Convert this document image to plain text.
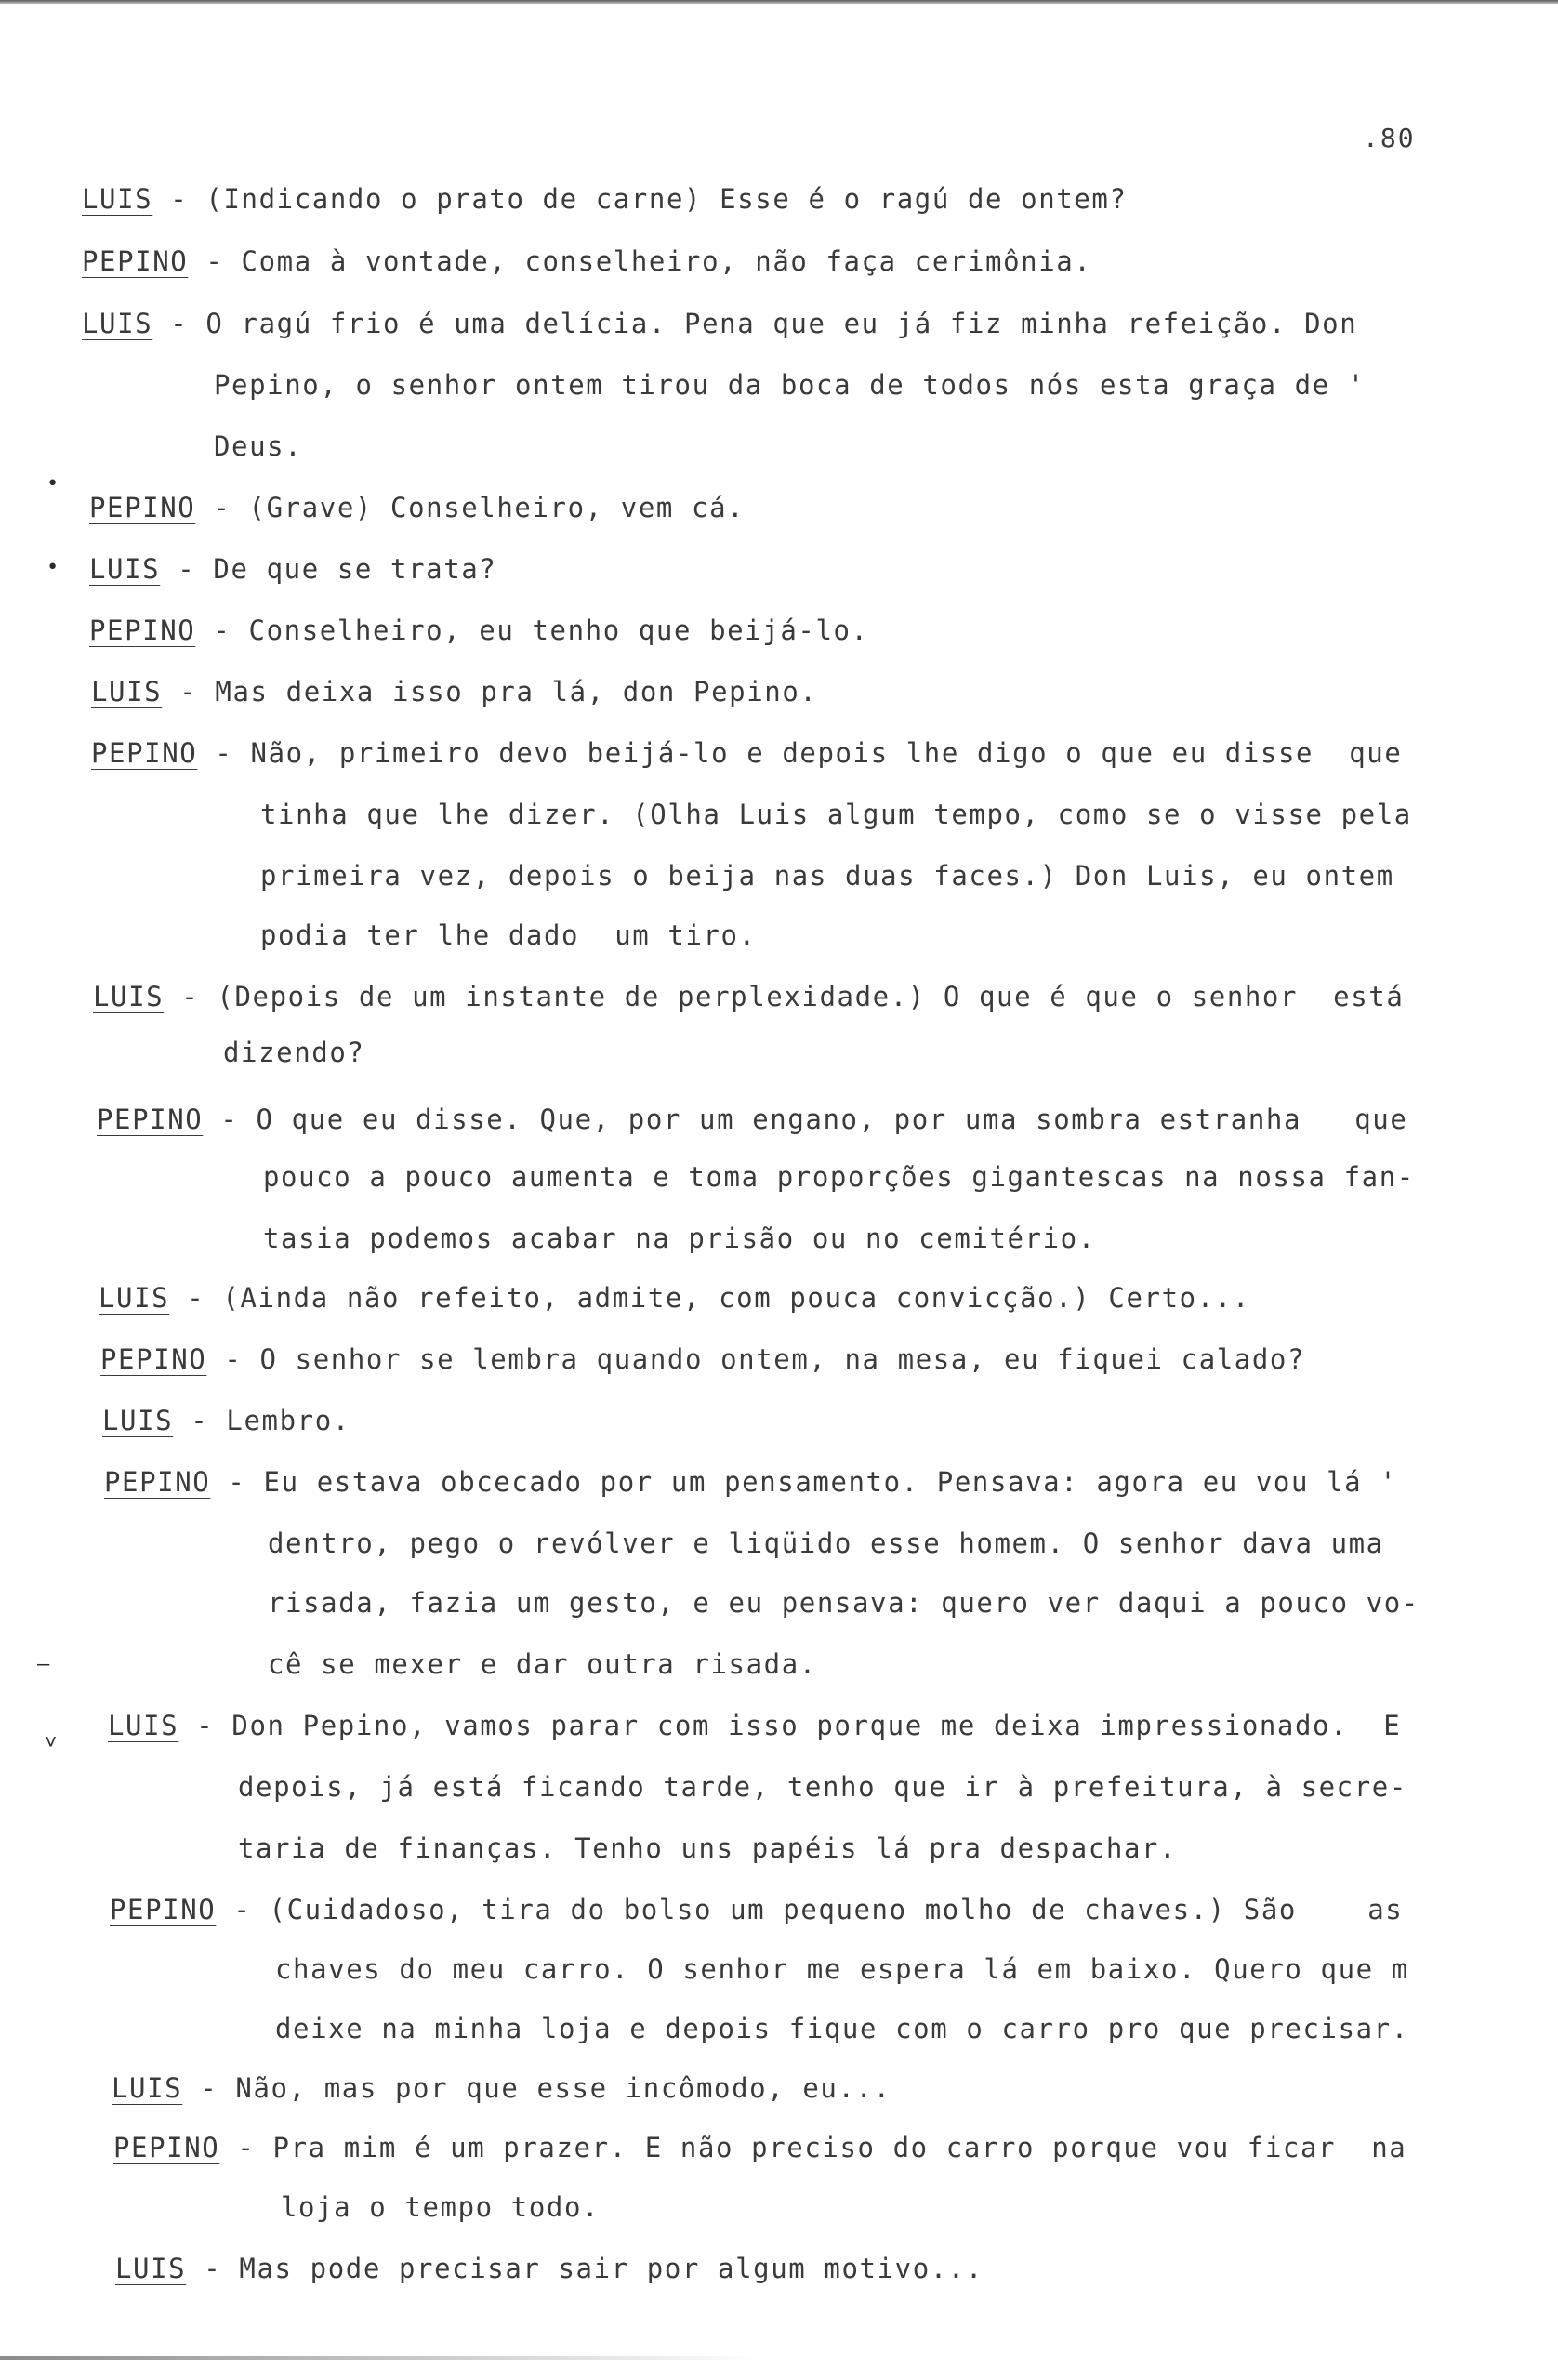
.80
•
•
–
˅
LUIS - (Indicando o prato de carne) Esse é o ragú de ontem?
PEPINO - Coma à vontade, conselheiro, não faça cerimônia.
LUIS - O ragú frio é uma delícia. Pena que eu já fiz minha refeição. Don
Pepino, o senhor ontem tirou da boca de todos nós esta graça de '
Deus.
PEPINO - (Grave) Conselheiro, vem cá.
LUIS - De que se trata?
PEPINO - Conselheiro, eu tenho que beijá-lo.
LUIS - Mas deixa isso pra lá, don Pepino.
PEPINO - Não, primeiro devo beijá-lo e depois lhe digo o que eu disse  que
tinha que lhe dizer. (Olha Luis algum tempo, como se o visse pela
primeira vez, depois o beija nas duas faces.) Don Luis, eu ontem
podia ter lhe dado  um tiro.
LUIS - (Depois de um instante de perplexidade.) O que é que o senhor  está
dizendo?
PEPINO - O que eu disse. Que, por um engano, por uma sombra estranha   que
pouco a pouco aumenta e toma proporções gigantescas na nossa fan-
tasia podemos acabar na prisão ou no cemitério.
LUIS - (Ainda não refeito, admite, com pouca convicção.) Certo...
PEPINO - O senhor se lembra quando ontem, na mesa, eu fiquei calado?
LUIS - Lembro.
PEPINO - Eu estava obcecado por um pensamento. Pensava: agora eu vou lá '
dentro, pego o revólver e liqüido esse homem. O senhor dava uma
risada, fazia um gesto, e eu pensava: quero ver daqui a pouco vo-
cê se mexer e dar outra risada.
LUIS - Don Pepino, vamos parar com isso porque me deixa impressionado.  E
depois, já está ficando tarde, tenho que ir à prefeitura, à secre-
taria de finanças. Tenho uns papéis lá pra despachar.
PEPINO - (Cuidadoso, tira do bolso um pequeno molho de chaves.) São    as
chaves do meu carro. O senhor me espera lá em baixo. Quero que m
deixe na minha loja e depois fique com o carro pro que precisar.
LUIS - Não, mas por que esse incômodo, eu...
PEPINO - Pra mim é um prazer. E não preciso do carro porque vou ficar  na
loja o tempo todo.
LUIS - Mas pode precisar sair por algum motivo...
